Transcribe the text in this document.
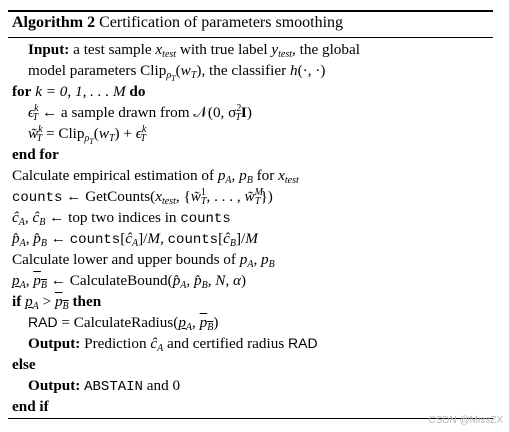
Algorithm 2 Certification of parameters smoothing
Input: a test sample $x_{test}$ with true label $y_{test}$, the global
model parameters $Clip_{\rho_T}(w_T)$, the classifier h(·, ·)
for k = 0, 1, . . . M do
$\epsilon^k_T$ ← a sample drawn from 𝒩(0, $\sigma^2_TI$)
w̃$^k_T$ = $Clip_{\rho_T}(w_T) + \epsilon^k_T$
end for
Calculate empirical estimation of $p_A$, $p_B$ for $x_{test}$
counts ← $GetCounts(x_{test}$, {w̃$^1_T$, . . . , w̃$^M_T$})
$ĉ_A$, $ĉ_B$ ← top two indices in counts
$p̂_A$, $p̂_B$ ← $counts[ĉ_A]/M$, $counts[ĉ_B]/M$
Calculate lower and upper bounds of $p_A$, $p_B$
$p_A$, $p_B$ ← $CalculateBound(p̂_A$, $p̂_B$, N, α)
if $p_A > p_B$ then
RAD = $CalculateRadius(p_A$, $p_B$)
Output: Prediction $ĉ_A$ and certified radius RAD
else
Output: ABSTAIN and 0
end if
CSDN @MissZX
